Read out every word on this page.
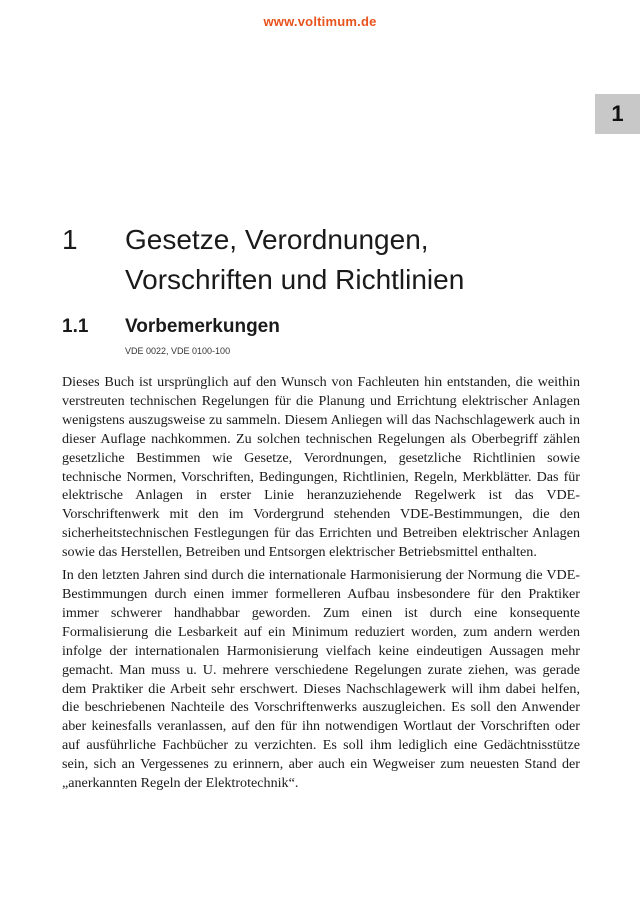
www.voltimum.de
1
1 Gesetze, Verordnungen,
Vorschriften und Richtlinien
1.1 Vorbemerkungen
VDE 0022, VDE 0100-100

Dieses Buch ist ursprünglich auf den Wunsch von Fachleuten hin entstanden, die weithin verstreuten technischen Regelungen für die Planung und Errichtung elektrischer Anlagen wenigstens auszugsweise zu sammeln. Diesem Anliegen will das Nachschlagewerk auch in dieser Auflage nachkommen. Zu solchen technischen Regelungen als Oberbegriff zählen gesetzliche Bestimmen wie Gesetze, Verordnungen, gesetzliche Richtlinien sowie technische Normen, Vorschriften, Bedingungen, Richtlinien, Regeln, Merkblätter. Das für elektrische Anlagen in erster Linie heranzuziehende Regelwerk ist das VDE-Vorschriftenwerk mit den im Vordergrund stehenden VDE-Bestimmungen, die den sicherheitstechnischen Festlegungen für das Errichten und Betreiben elektrischer Anlagen sowie das Herstellen, Betreiben und Entsorgen elektrischer Betriebsmittel enthalten.

In den letzten Jahren sind durch die internationale Harmonisierung der Normung die VDE-Bestimmungen durch einen immer formelleren Aufbau insbesondere für den Praktiker immer schwerer handhabbar geworden. Zum einen ist durch eine konsequente Formalisierung die Lesbarkeit auf ein Minimum reduziert worden, zum andern werden infolge der internationalen Harmonisierung vielfach keine eindeutigen Aussagen mehr gemacht. Man muss u. U. mehrere verschiedene Regelungen zurate ziehen, was gerade dem Praktiker die Arbeit sehr erschwert. Dieses Nachschlagewerk will ihm dabei helfen, die beschriebenen Nachteile des Vorschriftenwerks auszugleichen. Es soll den Anwender aber keinesfalls veranlassen, auf den für ihn notwendigen Wortlaut der Vorschriften oder auf ausführliche Fachbücher zu verzichten. Es soll ihm lediglich eine Gedächtnisstütze sein, sich an Vergessenes zu erinnern, aber auch ein Wegweiser zum neuesten Stand der „anerkannten Regeln der Elektrotechnik“.
